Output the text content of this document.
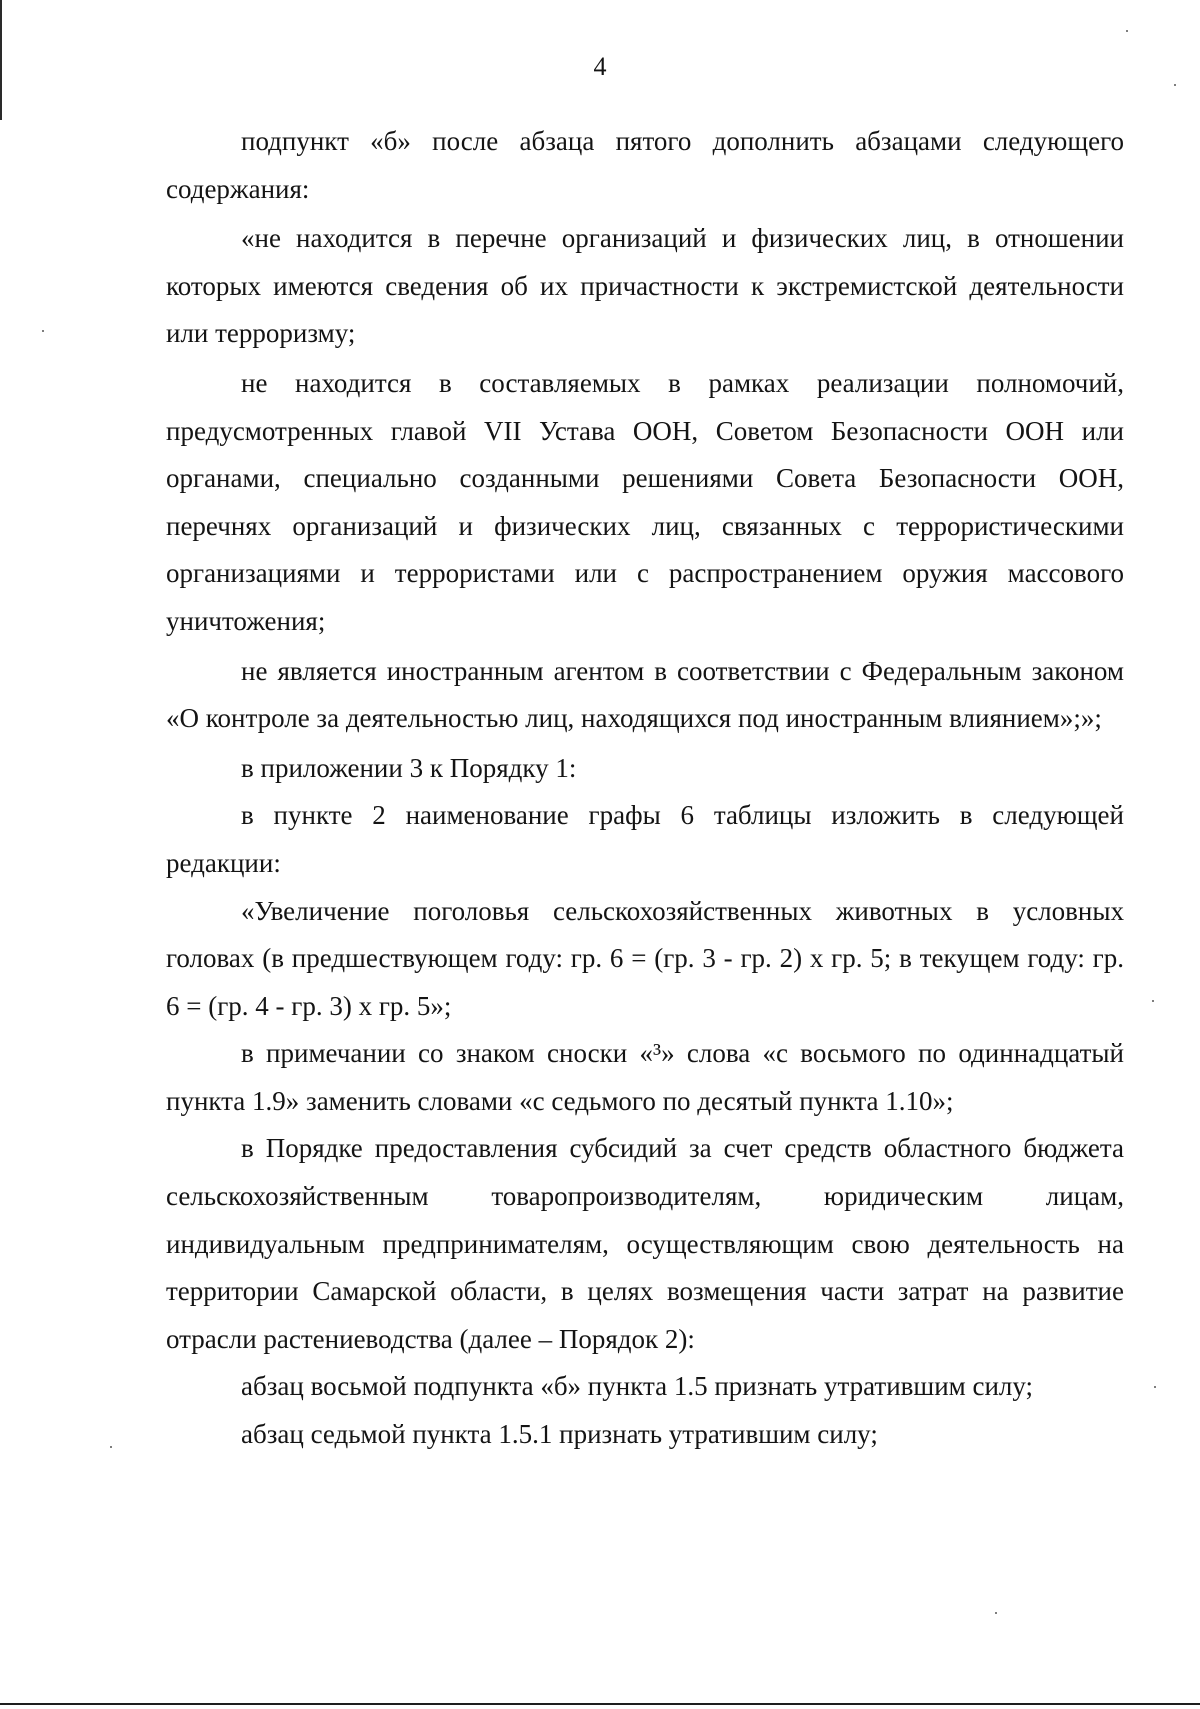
4

подпункт «б» после абзаца пятого дополнить абзацами следующего содержания:

«не находится в перечне организаций и физических лиц, в отношении которых имеются сведения об их причастности к экстремистской деятельности или терроризму;

не находится в составляемых в рамках реализации полномочий, предусмотренных главой VII Устава ООН, Советом Безопасности ООН или органами, специально созданными решениями Совета Безопасности ООН, перечнях организаций и физических лиц, связанных с террористическими организациями и террористами или с распространением оружия массового уничтожения;

не является иностранным агентом в соответствии с Федеральным законом «О контроле за деятельностью лиц, находящихся под иностранным влиянием»;»;

в приложении 3 к Порядку 1:

в пункте 2 наименование графы 6 таблицы изложить в следующей редакции:

«Увеличение поголовья сельскохозяйственных животных в условных головах (в предшествующем году: гр. 6 = (гр. 3 - гр. 2) х гр. 5; в текущем году: гр. 6 = (гр. 4 - гр. 3) х гр. 5»;

в примечании со знаком сноски «³» слова «с восьмого по одиннадцатый пункта 1.9» заменить словами «с седьмого по десятый пункта 1.10»;

в Порядке предоставления субсидий за счет средств областного бюджета сельскохозяйственным товаропроизводителям, юридическим лицам, индивидуальным предпринимателям, осуществляющим свою деятельность на территории Самарской области, в целях возмещения части затрат на развитие отрасли растениеводства (далее – Порядок 2):

абзац восьмой подпункта «б» пункта 1.5 признать утратившим силу;

абзац седьмой пункта 1.5.1 признать утратившим силу;
